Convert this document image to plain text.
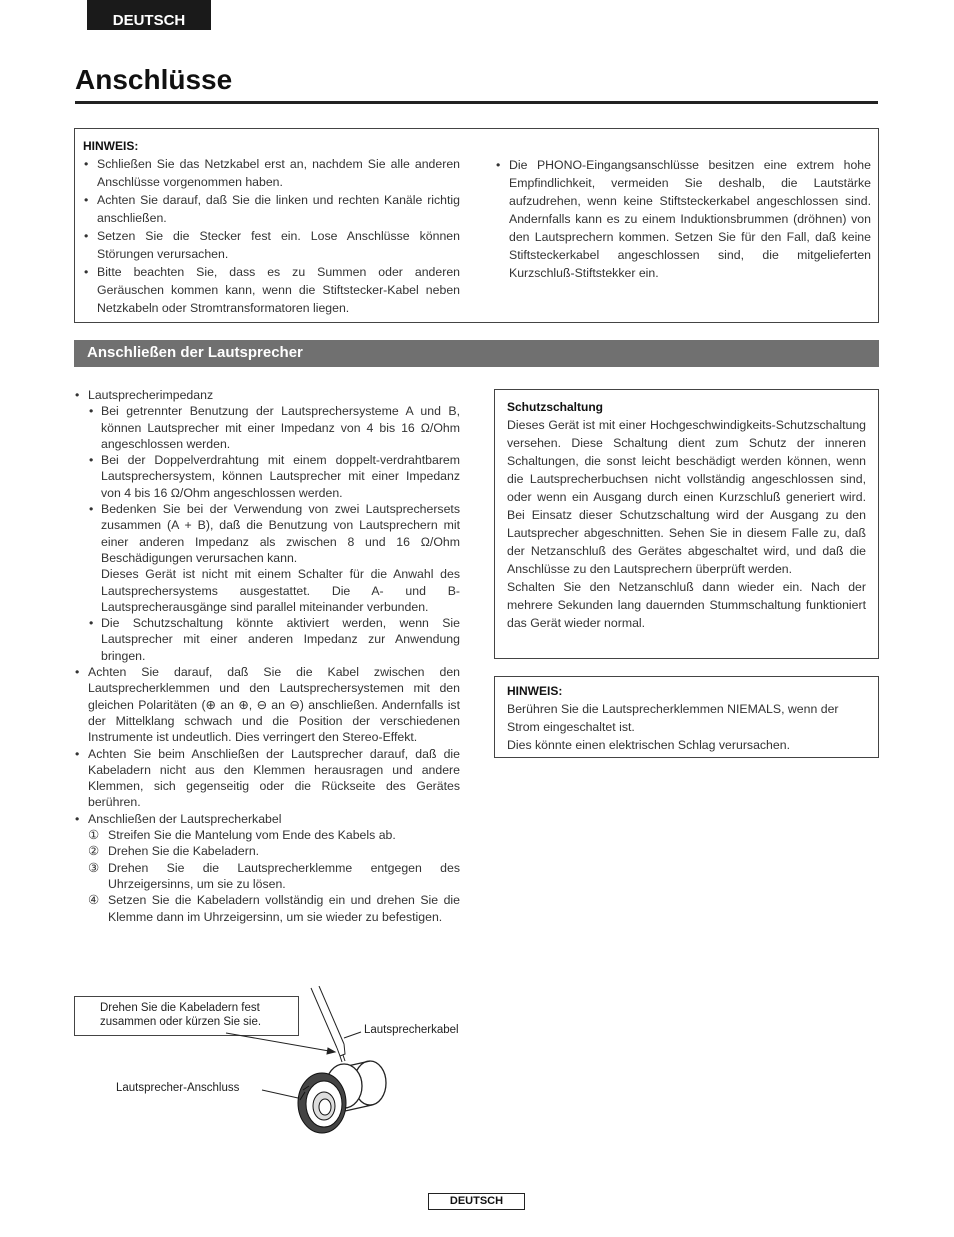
DEUTSCH
Anschlüsse
HINWEIS:
• Schließen Sie das Netzkabel erst an, nachdem Sie alle anderen Anschlüsse vorgenommen haben.
• Achten Sie darauf, daß Sie die linken und rechten Kanäle richtig anschließen.
• Setzen Sie die Stecker fest ein. Lose Anschlüsse können Störungen verursachen.
• Bitte beachten Sie, dass es zu Summen oder anderen Geräuschen kommen kann, wenn die Stiftstecker-Kabel neben Netzkabeln oder Stromtransformatoren liegen.
• Die PHONO-Eingangsanschlüsse besitzen eine extrem hohe Empfindlichkeit, vermeiden Sie deshalb, die Lautstärke aufzudrehen, wenn keine Stiftsteckerkabel angeschlossen sind. Andernfalls kann es zu einem Induktionsbrummen (dröhnen) von den Lautsprechern kommen. Setzen Sie für den Fall, daß keine Stiftsteckerkabel angeschlossen sind, die mitgelieferten Kurzschluß-Stiftstekker ein.
Anschließen der Lautsprecher
• Lautsprecherimpedanz
• Bei getrennter Benutzung der Lautsprechersysteme A und B, können Lautsprecher mit einer Impedanz von 4 bis 16 Ω/Ohm angeschlossen werden.
• Bei der Doppelverdrahtung mit einem doppelt-verdrahtbarem Lautsprechersystem, können Lautsprecher mit einer Impedanz von 4 bis 16 Ω/Ohm angeschlossen werden.
• Bedenken Sie bei der Verwendung von zwei Lautsprechersets zusammen (A + B), daß die Benutzung von Lautsprechern mit einer anderen Impedanz als zwischen 8 und 16 Ω/Ohm Beschädigungen verursachen kann.
Dieses Gerät ist nicht mit einem Schalter für die Anwahl des Lautsprechersystems ausgestattet. Die A- und B-Lautsprecherausgänge sind parallel miteinander verbunden.
• Die Schutzschaltung könnte aktiviert werden, wenn Sie Lautsprecher mit einer anderen Impedanz zur Anwendung bringen.
• Achten Sie darauf, daß Sie die Kabel zwischen den Lautsprecherklemmen und den Lautsprechersystemen mit den gleichen Polaritäten (⊕ an ⊕, ⊖ an ⊖) anschließen. Andernfalls ist der Mittelklang schwach und die Position der verschiedenen Instrumente ist undeutlich. Dies verringert den Stereo-Effekt.
• Achten Sie beim Anschließen der Lautsprecher darauf, daß die Kabeladern nicht aus den Klemmen herausragen und andere Klemmen, sich gegenseitig oder die Rückseite des Gerätes berühren.
• Anschließen der Lautsprecherkabel
① Streifen Sie die Mantelung vom Ende des Kabels ab.
② Drehen Sie die Kabeladern.
③ Drehen Sie die Lautsprecherklemme entgegen des Uhrzeigersinns, um sie zu lösen.
④ Setzen Sie die Kabeladern vollständig ein und drehen Sie die Klemme dann im Uhrzeigersinn, um sie wieder zu befestigen.
Schutzschaltung
Dieses Gerät ist mit einer Hochgeschwindigkeits-Schutzschaltung versehen. Diese Schaltung dient zum Schutz der inneren Schaltungen, die sonst leicht beschädigt werden können, wenn die Lautsprecherbuchsen nicht vollständig angeschlossen sind, oder wenn ein Ausgang durch einen Kurzschluß generiert wird. Bei Einsatz dieser Schutzschaltung wird der Ausgang zu den Lautsprecher abgeschnitten. Sehen Sie in diesem Falle zu, daß der Netzanschluß des Gerätes abgeschaltet wird, und daß die Anschlüsse zu den Lautsprechern überprüft werden.
Schalten Sie den Netzanschluß dann wieder ein. Nach der mehrere Sekunden lang dauernden Stummschaltung funktioniert das Gerät wieder normal.
HINWEIS:
Berühren Sie die Lautsprecherklemmen NIEMALS, wenn der Strom eingeschaltet ist.
Dies könnte einen elektrischen Schlag verursachen.
Drehen Sie die Kabeladern fest zusammen oder kürzen Sie sie.
Lautsprecherkabel
Lautsprecher-Anschluss
DEUTSCH
